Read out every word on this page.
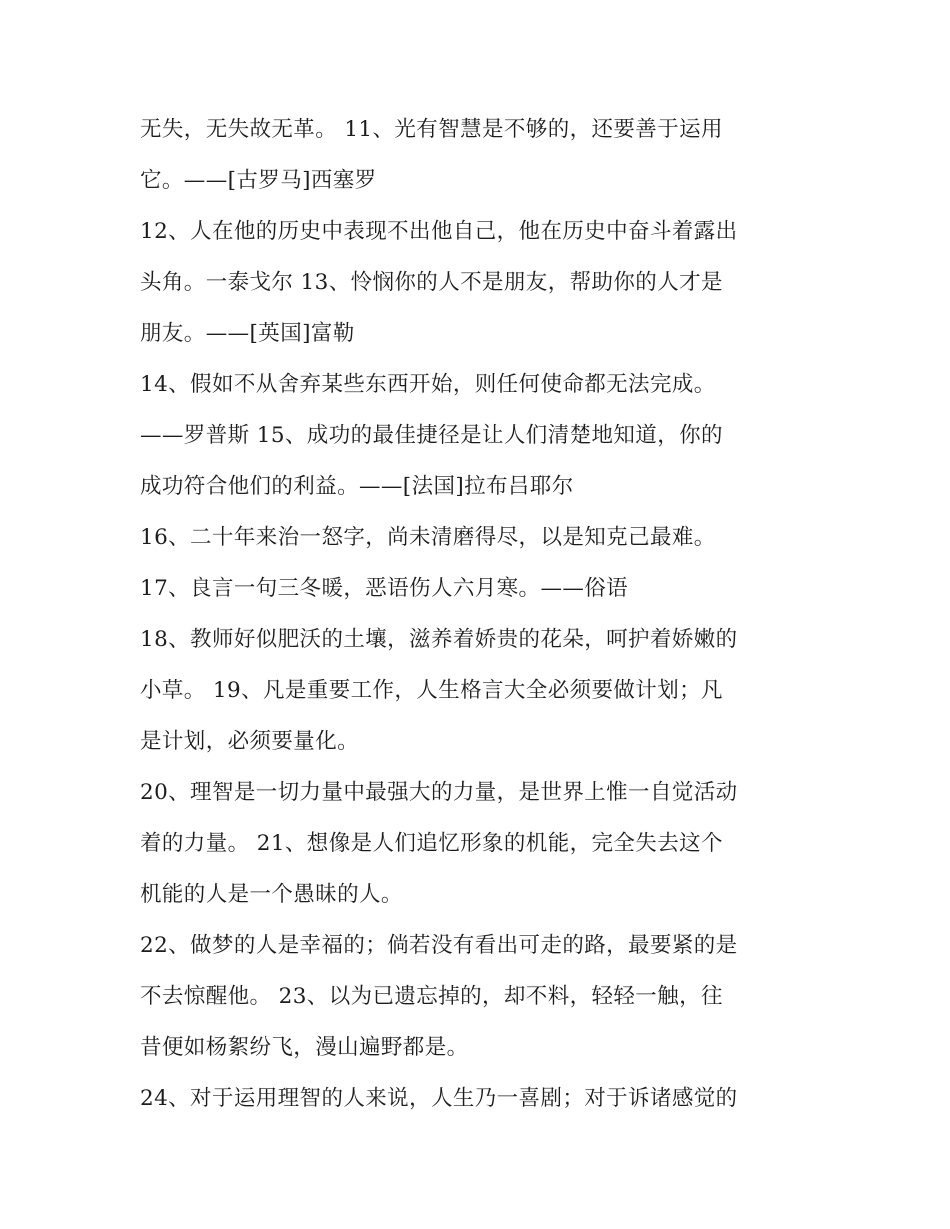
无失，无失故无革。 11、光有智慧是不够的，还要善于运用
它。——[古罗马]西塞罗
12、人在他的历史中表现不出他自己，他在历史中奋斗着露出
头角。一泰戈尔 13、怜悯你的人不是朋友，帮助你的人才是
朋友。——[英国]富勒
14、假如不从舍弃某些东西开始，则任何使命都无法完成。
——罗普斯 15、成功的最佳捷径是让人们清楚地知道，你的
成功符合他们的利益。——[法国]拉布吕耶尔
16、二十年来治一怒字，尚未清磨得尽，以是知克己最难。
17、良言一句三冬暖，恶语伤人六月寒。——俗语
18、教师好似肥沃的土壤，滋养着娇贵的花朵，呵护着娇嫩的
小草。 19、凡是重要工作，人生格言大全必须要做计划；凡
是计划，必须要量化。
20、理智是一切力量中最强大的力量，是世界上惟一自觉活动
着的力量。 21、想像是人们追忆形象的机能，完全失去这个
机能的人是一个愚昧的人。
22、做梦的人是幸福的；倘若没有看出可走的路，最要紧的是
不去惊醒他。 23、以为已遗忘掉的，却不料，轻轻一触，往
昔便如杨絮纷飞，漫山遍野都是。
24、对于运用理智的人来说，人生乃一喜剧；对于诉诸感觉的
